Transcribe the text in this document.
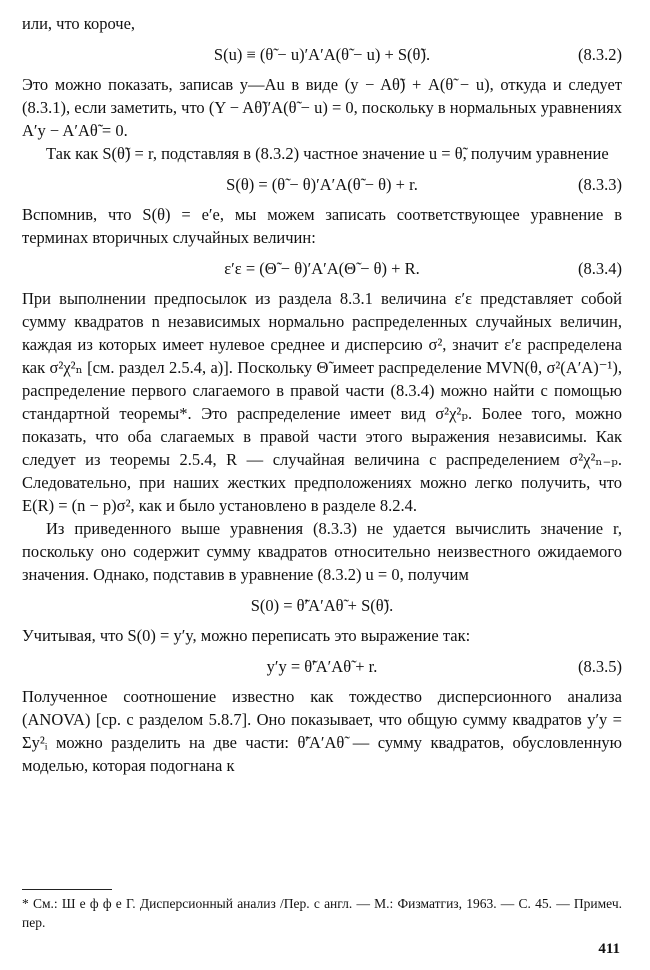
или, что короче,

S(u) ≡ (θ̃ − u)′A′A(θ̃ − u) + S(θ̃).	(8.3.2)

Это можно показать, записав y—Au в виде (y − Aθ̃) + A(θ̃ − u), откуда и следует (8.3.1), если заметить, что (Y − Aθ̃)′A(θ̃ − u) = 0, поскольку в нормальных уравнениях A′y − A′Aθ̃ = 0.

Так как S(θ̃) = r, подставляя в (8.3.2) частное значение u = θ̃, получим уравнение

S(θ) = (θ̃ − θ)′A′A(θ̃ − θ) + r.	(8.3.3)

Вспомнив, что S(θ) = e′e, мы можем записать соответствующее уравнение в терминах вторичных случайных величин:

ε′ε = (Θ̃ − θ)′A′A(Θ̃ − θ) + R.	(8.3.4)

При выполнении предпосылок из раздела 8.3.1 величина ε′ε представляет собой сумму квадратов n независимых нормально распределенных случайных величин, каждая из которых имеет нулевое среднее и дисперсию σ², значит ε′ε распределена как σ²χ²ₙ [см. раздел 2.5.4, а)]. Поскольку Θ̃ имеет распределение MVN(θ, σ²(A′A)⁻¹), распределение первого слагаемого в правой части (8.3.4) можно найти с помощью стандартной теоремы*. Это распределение имеет вид σ²χ²ₚ. Более того, можно показать, что оба слагаемых в правой части этого выражения независимы. Как следует из теоремы 2.5.4, R — случайная величина с распределением σ²χ²ₙ₋ₚ. Следовательно, при наших жестких предположениях можно легко получить, что E(R) = (n − p)σ², как и было установлено в разделе 8.2.4.

Из приведенного выше уравнения (8.3.3) не удается вычислить значение r, поскольку оно содержит сумму квадратов относительно неизвестного ожидаемого значения. Однако, подставив в уравнение (8.3.2) u = 0, получим

S(0) = θ̃′A′Aθ̃ + S(θ̃).

Учитывая, что S(0) = y′y, можно переписать это выражение так:

y′y = θ̃′A′Aθ̃ + r.	(8.3.5)

Полученное соотношение известно как тождество дисперсионного анализа (ANOVA) [ср. с разделом 5.8.7]. Оно показывает, что общую сумму квадратов y′y = Σy²ᵢ можно разделить на две части: θ̃′A′Aθ̃ — сумму квадратов, обусловленную моделью, которая подогнана к

* См.: Ш е ф ф е Г. Дисперсионный анализ /Пер. с англ. — М.: Физматгиз, 1963. — С. 45. — Примеч. пер.
411
